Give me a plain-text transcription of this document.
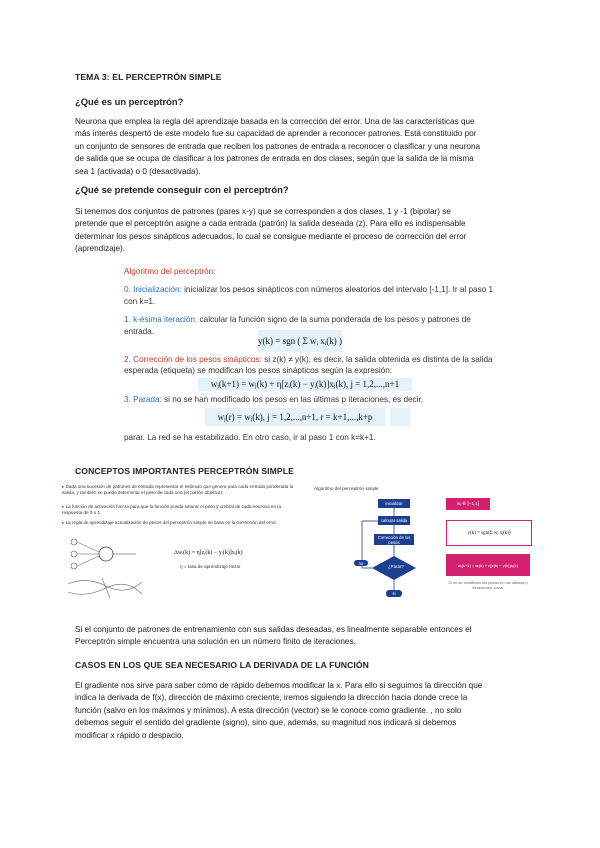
TEMA 3: EL PERCEPTRÓN SIMPLE
¿Qué es un perceptrón?
Neurona que emplea la regla del aprendizaje basada en la corrección del error. Una de las características que
más interés despertó de este modelo fue su capacidad de aprender a reconocer patrones. Está constituido por
un conjunto de sensores de entrada que reciben los patrones de entrada a reconocer o clasificar y una neurona
de salida que se ocupa de clasificar a los patrones de entrada en dos clases, según que la salida de la misma
sea 1 (activada) o 0 (desactivada).
¿Qué se pretende conseguir con el perceptrón?
Si tenemos dos conjuntos de patrones (pares x-y) que se corresponden a dos clases, 1 y -1 (bipolar) se
pretende que el perceptrón asigne a cada entrada (patrón) la salida deseada (z). Para ello es indispensable
determinar los pesos sinápticos adecuados, lo cual se consigue mediante el proceso de corrección del error
(aprendizaje).
Algoritmo del perceptrón:
0. Inicialización: inicializar los pesos sinápticos con números aleatorios del intervalo [-1,1]. Ir al paso 1
con k=1.
1. k-ésima iteración: calcular la función signo de la suma ponderada de los pesos y patrones de
entrada.
y(k) = sgn ( Σ wᵢ xᵢ(k) )
2. Corrección de los pesos sinápticos: si z(k) ≠ y(k), es decir, la salida obtenida es distinta de la salida
esperada (etiqueta) se modifican los pesos sinápticos según la expresión:
wⱼ(k+1) = wⱼ(k) + η[zᵢ(k) − yᵢ(k)]xⱼ(k), j = 1,2,...,n+1
3. Parada: si no se han modificado los pesos en las últimas p iteraciones, es decir,
wⱼ(r) = wⱼ(k), j = 1,2,...,n+1, r = k+1,...,k+p
parar. La red se ha estabilizado. En otro caso, ir al paso 1 con k=k+1.
CONCEPTOS IMPORTANTES PERCEPTRÓN SIMPLE
▸ Dada una sucesión de patrones de entrada representar el estímulo que genera para cada entrada ponderada la salida, y también se puede determinar el peso de cada uno (el patrón objetivo).
▸ La función de activación fuerza para que la función pueda saturar el peso y umbral de cada neurona en la respuesta de 0 o 1.
▸ La regla de aprendizaje actualización de pesos del perceptrón simple se basa en la corrección del error.
Δwᵢ(k) = η[zᵢ(k) − yᵢ(k)]xᵢ(k)
η = tasa de aprendizaje factor
Algoritmo del perceptrón simple
inicializar
calcular salida
Corrección de los pesos
¿Parar?
no
sí
wⱼ ∈ [−1,1]
y(k) = sgn(Σ wⱼ xⱼ(k))
wⱼ(k+1) = wⱼ(k) + η[z(k) − y(k)]xⱼ(k)
Si no se modifican los pesos en las últimas p iteraciones, parar
Si el conjunto de patrones de entrenamiento con sus salidas deseadas, es linealmente separable entonces el
Perceptrón simple encuentra una solución en un número finito de iteraciones.
CASOS EN LOS QUE SEA NECESARIO LA DERIVADA DE LA FUNCIÓN
El gradiente nos sirve para saber cómo de rápido debemos modificar la x. Para ello si seguimos la dirección que
indica la derivada de f(x), dirección de máximo creciente, iremos siguiendo la dirección hacia donde crece la
función (salvo en los máximos y mínimos). A esta dirección (vector) se le conoce como gradiente. , no solo
debemos seguir el sentido del gradiente (signo), sino que, además, su magnitud nos indicará si debemos
modificar x rápido o despacio.
